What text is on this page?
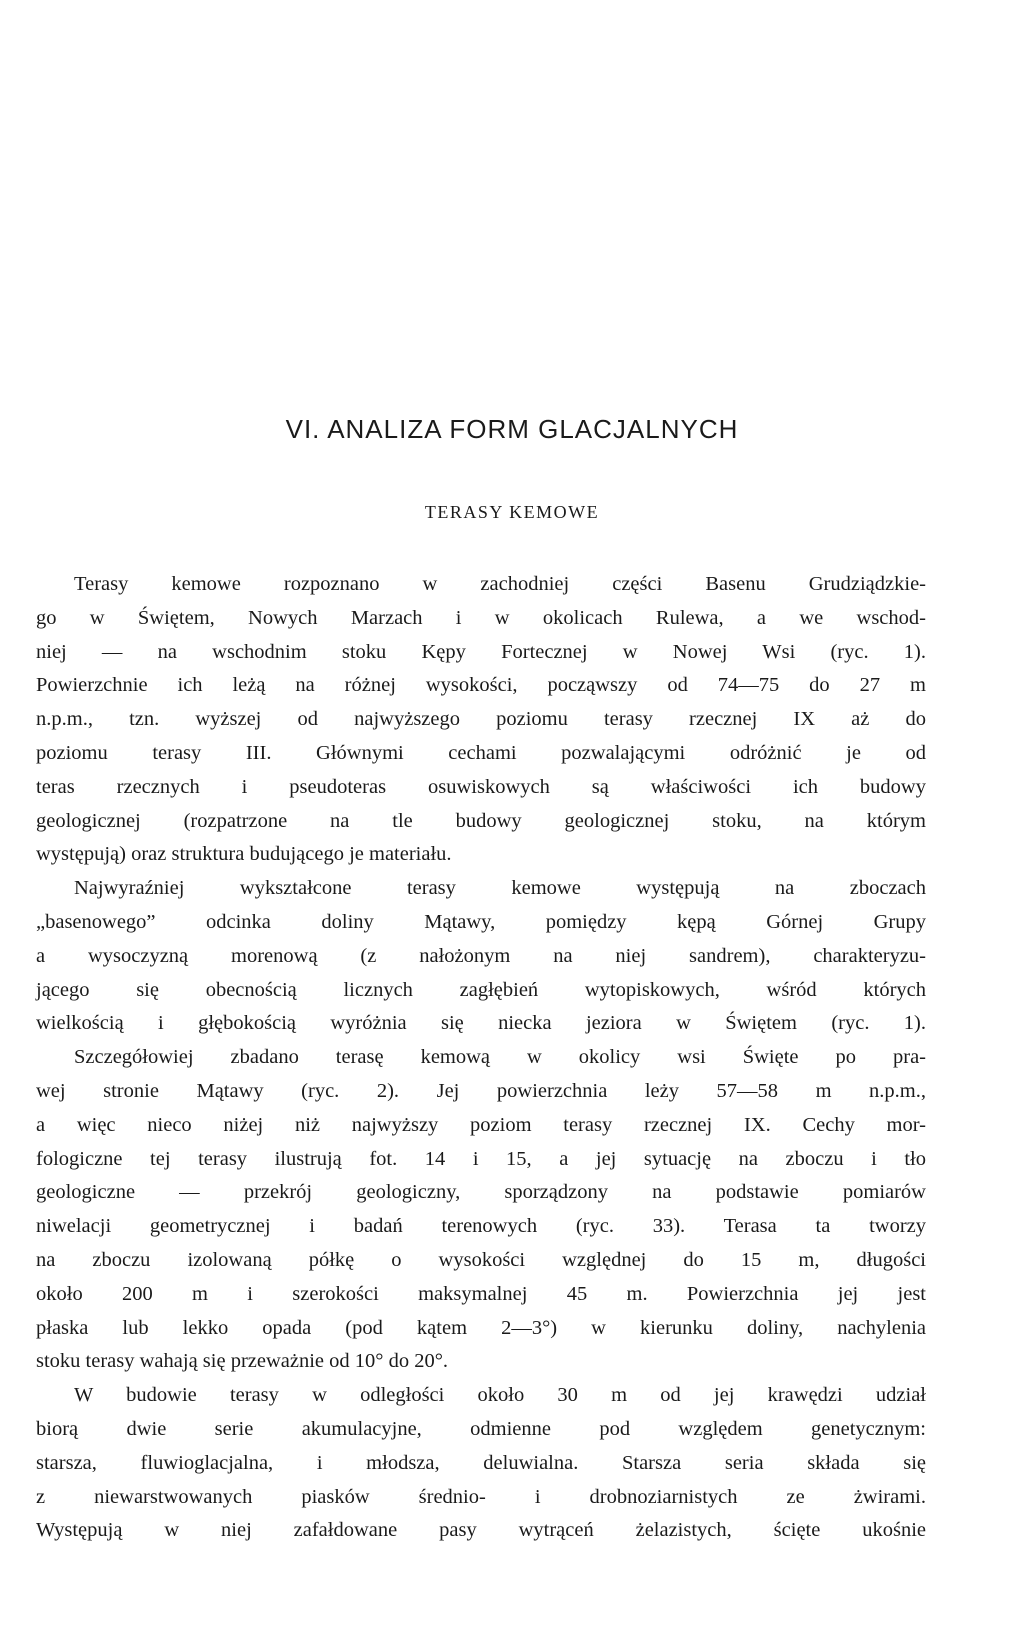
VI. ANALIZA FORM GLACJALNYCH
TERASY KEMOWE
Terasy kemowe rozpoznano w zachodniej części Basenu Grudziądzkie-
go w Świętem, Nowych Marzach i w okolicach Rulewa, a we wschod-
niej — na wschodnim stoku Kępy Fortecznej w Nowej Wsi (ryc. 1).
Powierzchnie ich leżą na różnej wysokości, począwszy od 74—75 do 27 m
n.p.m., tzn. wyższej od najwyższego poziomu terasy rzecznej IX aż do
poziomu terasy III. Głównymi cechami pozwalającymi odróżnić je od
teras rzecznych i pseudoteras osuwiskowych są właściwości ich budowy
geologicznej (rozpatrzone na tle budowy geologicznej stoku, na którym
występują) oraz struktura budującego je materiału.
Najwyraźniej wykształcone terasy kemowe występują na zboczach
„basenowego” odcinka doliny Mątawy, pomiędzy kępą Górnej Grupy
a wysoczyzną morenową (z nałożonym na niej sandrem), charakteryzu-
jącego się obecnością licznych zagłębień wytopiskowych, wśród których
wielkością i głębokością wyróżnia się niecka jeziora w Świętem (ryc. 1).
Szczegółowiej zbadano terasę kemową w okolicy wsi Święte po pra-
wej stronie Mątawy (ryc. 2). Jej powierzchnia leży 57—58 m n.p.m.,
a więc nieco niżej niż najwyższy poziom terasy rzecznej IX. Cechy mor-
fologiczne tej terasy ilustrują fot. 14 i 15, a jej sytuację na zboczu i tło
geologiczne — przekrój geologiczny, sporządzony na podstawie pomiarów
niwelacji geometrycznej i badań terenowych (ryc. 33). Terasa ta tworzy
na zboczu izolowaną półkę o wysokości względnej do 15 m, długości
około 200 m i szerokości maksymalnej 45 m. Powierzchnia jej jest
płaska lub lekko opada (pod kątem 2—3°) w kierunku doliny, nachylenia
stoku terasy wahają się przeważnie od 10° do 20°.
W budowie terasy w odległości około 30 m od jej krawędzi udział
biorą dwie serie akumulacyjne, odmienne pod względem genetycznym:
starsza, fluwioglacjalna, i młodsza, deluwialna. Starsza seria składa się
z niewarstwowanych piasków średnio- i drobnoziarnistych ze żwirami.
Występują w niej zafałdowane pasy wytrąceń żelazistych, ścięte ukośnie
